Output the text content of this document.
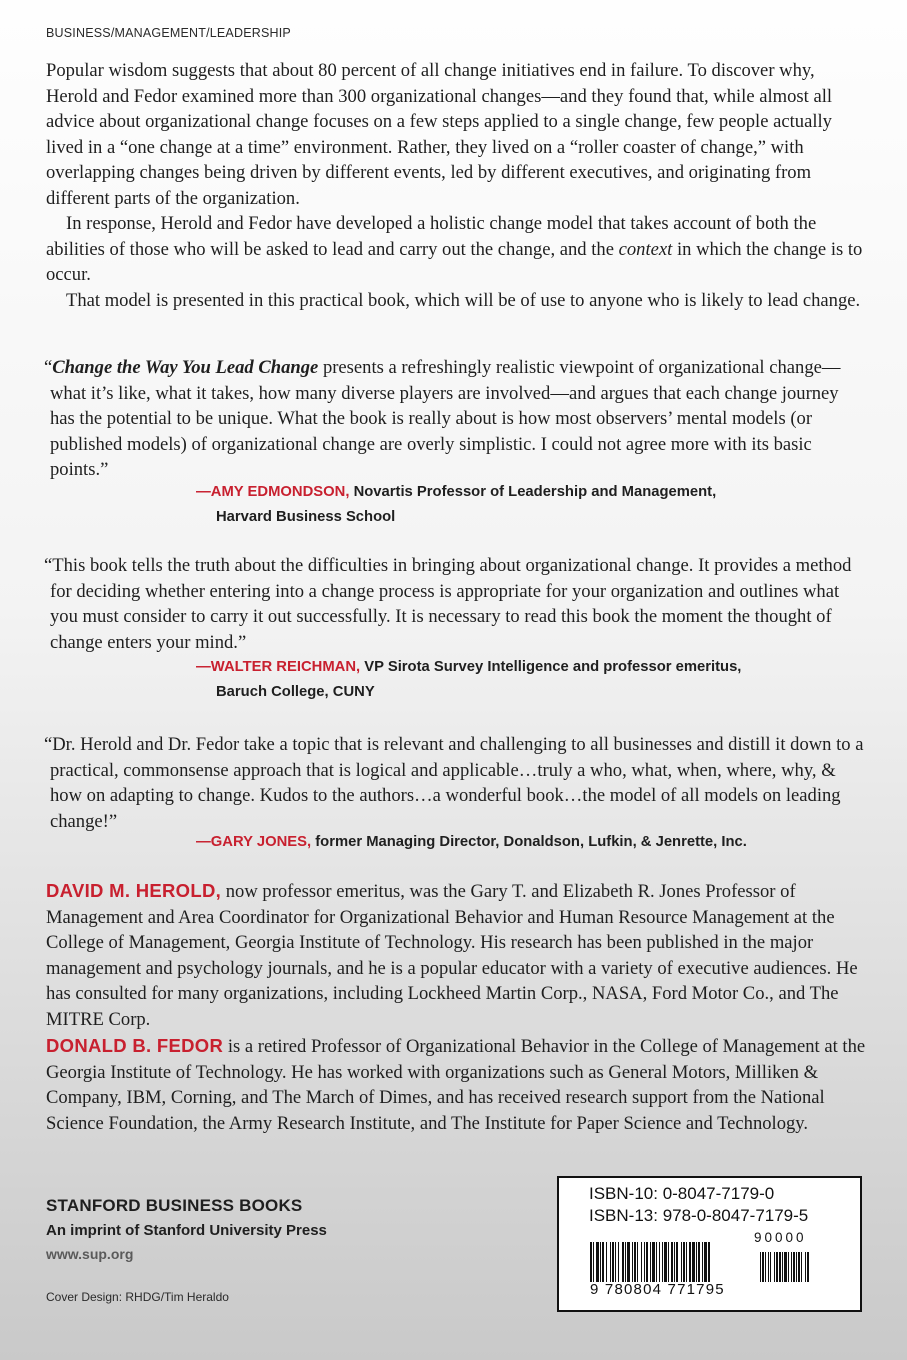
BUSINESS/MANAGEMENT/LEADERSHIP

Popular wisdom suggests that about 80 percent of all change initiatives end in failure. To discover why, Herold and Fedor examined more than 300 organizational changes—and they found that, while almost all advice about organizational change focuses on a few steps applied to a single change, few people actually lived in a “one change at a time” environment. Rather, they lived on a “roller coaster of change,” with overlapping changes being driven by different events, led by different executives, and originating from different parts of the organization.

In response, Herold and Fedor have developed a holistic change model that takes account of both the abilities of those who will be asked to lead and carry out the change, and the context in which the change is to occur.

That model is presented in this practical book, which will be of use to anyone who is likely to lead change.

“Change the Way You Lead Change presents a refreshingly realistic viewpoint of organizational change—what it’s like, what it takes, how many diverse players are involved—and argues that each change journey has the potential to be unique. What the book is really about is how most observers’ mental models (or published models) of organizational change are overly simplistic. I could not agree more with its basic points.”
—AMY EDMONDSON, Novartis Professor of Leadership and Management,
Harvard Business School
“This book tells the truth about the difficulties in bringing about organizational change. It provides a method for deciding whether entering into a change process is appropriate for your organization and outlines what you must consider to carry it out successfully. It is necessary to read this book the moment the thought of change enters your mind.”
—WALTER REICHMAN, VP Sirota Survey Intelligence and professor emeritus,
Baruch College, CUNY
“Dr. Herold and Dr. Fedor take a topic that is relevant and challenging to all businesses and distill it down to a practical, commonsense approach that is logical and applicable…truly a who, what, when, where, why, & how on adapting to change. Kudos to the authors…a wonderful book…the model of all models on leading change!”
—GARY JONES, former Managing Director, Donaldson, Lufkin, & Jenrette, Inc.
DAVID M. HEROLD, now professor emeritus, was the Gary T. and Elizabeth R. Jones Professor of Management and Area Coordinator for Organizational Behavior and Human Resource Management at the College of Management, Georgia Institute of Technology. His research has been published in the major management and psychology journals, and he is a popular educator with a variety of executive audiences. He has consulted for many organizations, including Lockheed Martin Corp., NASA, Ford Motor Co., and The MITRE Corp.
DONALD B. FEDOR is a retired Professor of Organizational Behavior in the College of Management at the Georgia Institute of Technology. He has worked with organizations such as General Motors, Milliken & Company, IBM, Corning, and The March of Dimes, and has received research support from the National Science Foundation, the Army Research Institute, and The Institute for Paper Science and Technology.
STANFORD BUSINESS BOOKS
An imprint of Stanford University Press
www.sup.org
Cover Design: RHDG/Tim Heraldo
ISBN-10: 0-8047-7179-0
ISBN-13: 978-0-8047-7179-5
90000
9 780804 771795
